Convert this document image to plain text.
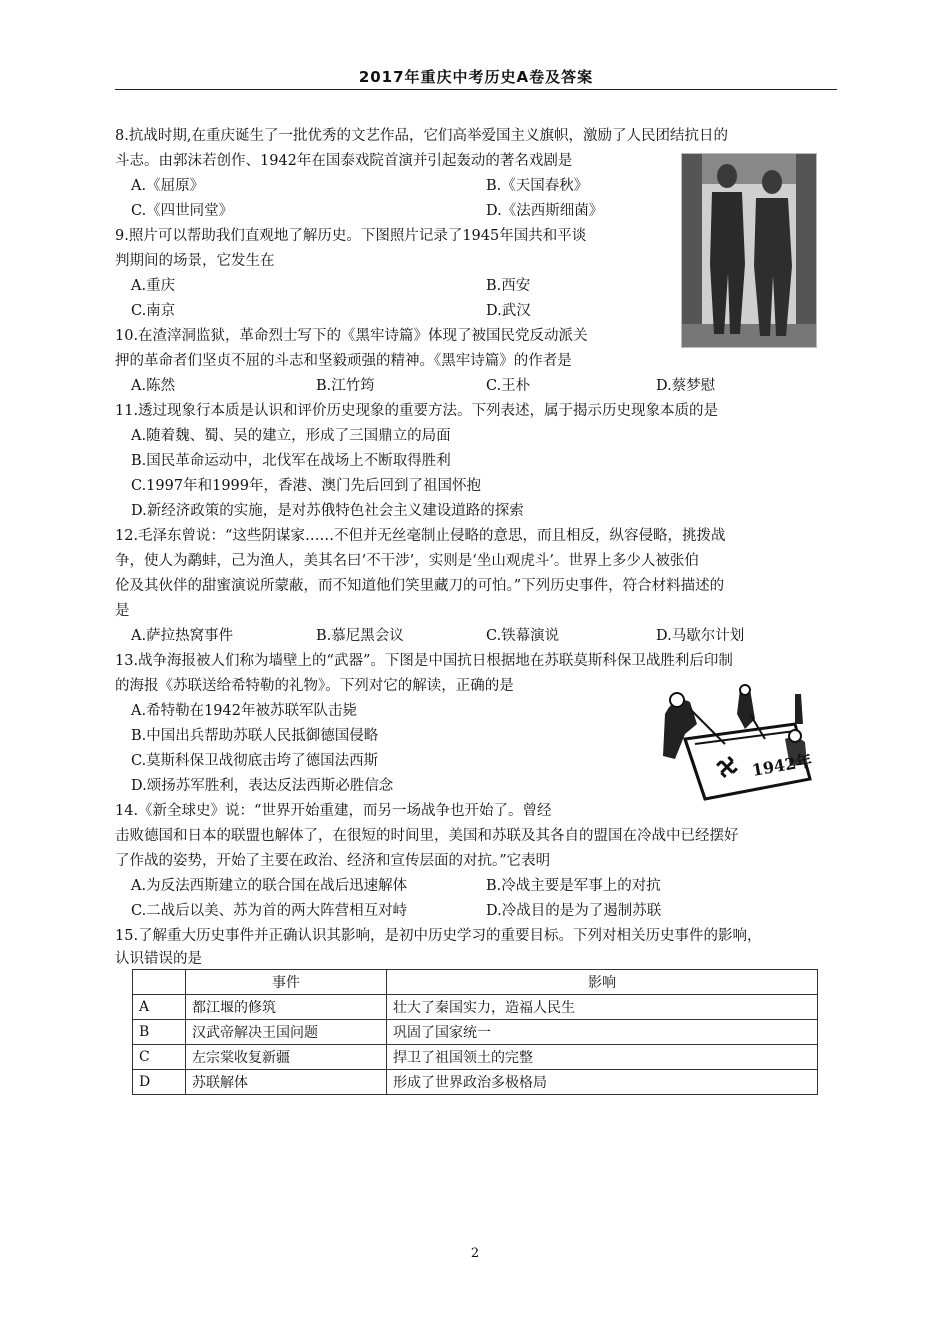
2017年重庆中考历史A卷及答案
8.抗战时期,在重庆诞生了一批优秀的文艺作品，它们高举爱国主义旗帜，激励了人民团结抗日的
斗志。由郭沫若创作、1942年在国泰戏院首演并引起轰动的著名戏剧是
A.《屈原》	B.《天国春秋》
C.《四世同堂》	D.《法西斯细菌》
9.照片可以帮助我们直观地了解历史。下图照片记录了1945年国共和平谈
判期间的场景，它发生在
A.重庆	B.西安
C.南京	D.武汉
10.在渣滓洞监狱，革命烈士写下的《黑牢诗篇》体现了被国民党反动派关
押的革命者们坚贞不屈的斗志和坚毅顽强的精神。《黑牢诗篇》的作者是
A.陈然	B.江竹筠	C.王朴	D.蔡梦慰
11.透过现象行本质是认识和评价历史现象的重要方法。下列表述，属于揭示历史现象本质的是
A.随着魏、蜀、吴的建立，形成了三国鼎立的局面
B.国民革命运动中，北伐军在战场上不断取得胜利
C.1997年和1999年，香港、澳门先后回到了祖国怀抱
D.新经济政策的实施，是对苏俄特色社会主义建设道路的探索
12.毛泽东曾说：“这些阴谋家……不但并无丝毫制止侵略的意思，而且相反，纵容侵略，挑拨战
争，使人为鹬蚌，己为渔人，美其名曰‘不干涉’，实则是‘坐山观虎斗’。世界上多少人被张伯
伦及其伙伴的甜蜜演说所蒙蔽，而不知道他们笑里藏刀的可怕。”下列历史事件，符合材料描述的
是
A.萨拉热窝事件	B.慕尼黑会议	C.铁幕演说	D.马歇尔计划
13.战争海报被人们称为墙壁上的“武器”。下图是中国抗日根据地在苏联莫斯科保卫战胜利后印制
的海报《苏联送给希特勒的礼物》。下列对它的解读，正确的是
A.希特勒在1942年被苏联军队击毙
B.中国出兵帮助苏联人民抵御德国侵略
C.莫斯科保卫战彻底击垮了德国法西斯
D.颂扬苏军胜利，表达反法西斯必胜信念
1942年
14.《新全球史》说：“世界开始重建，而另一场战争也开始了。曾经
击败德国和日本的联盟也解体了，在很短的时间里，美国和苏联及其各自的盟国在冷战中已经摆好
了作战的姿势，开始了主要在政治、经济和宣传层面的对抗。”它表明
A.为反法西斯建立的联合国在战后迅速解体	B.冷战主要是军事上的对抗
C.二战后以美、苏为首的两大阵营相互对峙	D.冷战目的是为了遏制苏联
15.了解重大历史事件并正确认识其影响，是初中历史学习的重要目标。下列对相关历史事件的影响，
认识错误的是
	事件	影响
A	都江堰的修筑	壮大了秦国实力，造福人民生
B	汉武帝解决王国问题	巩固了国家统一
C	左宗棠收复新疆	捍卫了祖国领土的完整
D	苏联解体	形成了世界政治多极格局
2
